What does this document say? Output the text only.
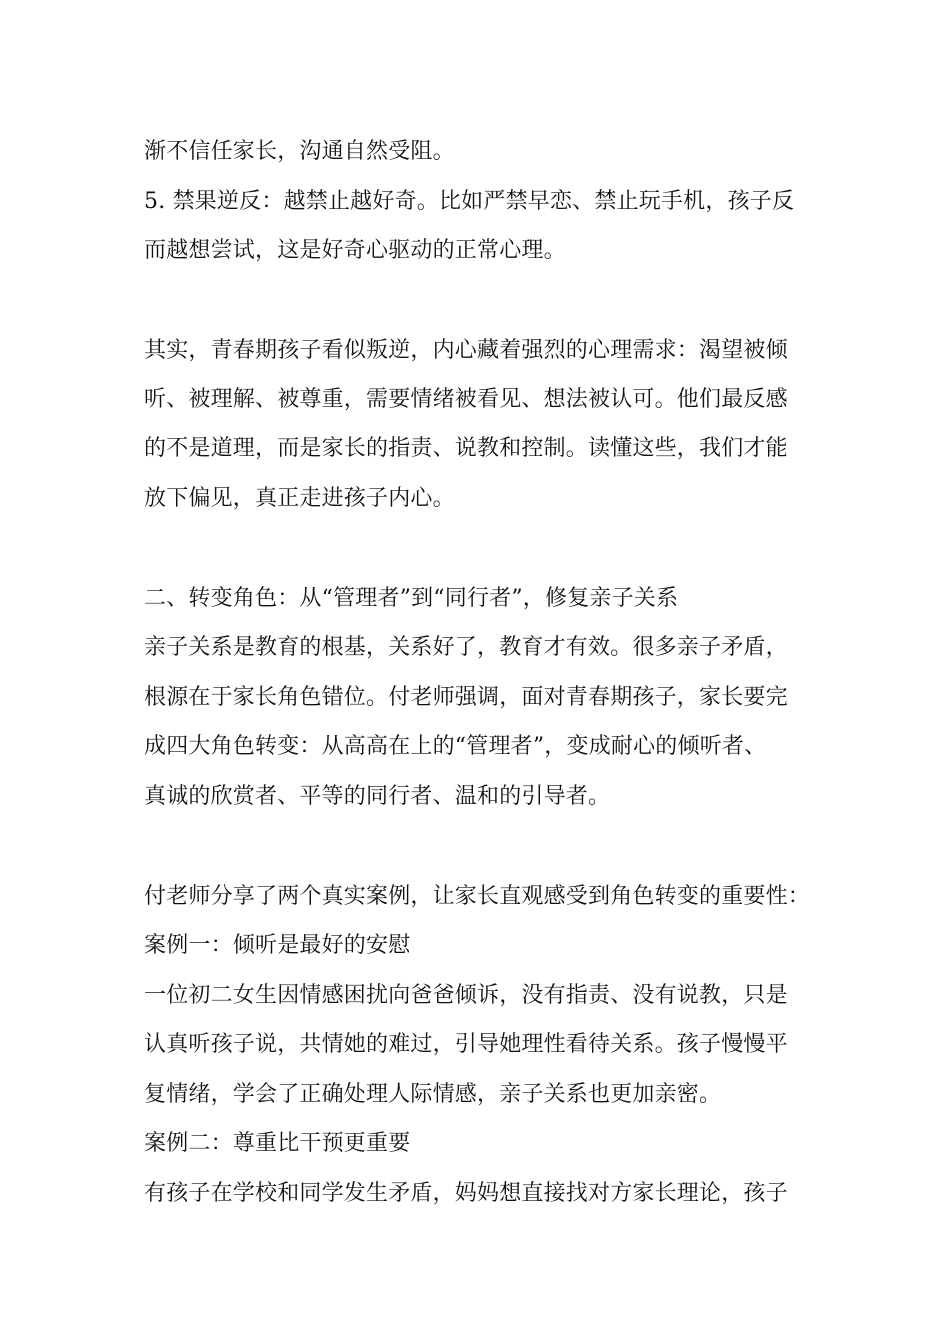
渐不信任家长，沟通自然受阻。
5. 禁果逆反：越禁止越好奇。比如严禁早恋、禁止玩手机，孩子反
而越想尝试，这是好奇心驱动的正常心理。
其实，青春期孩子看似叛逆，内心藏着强烈的心理需求：渴望被倾
听、被理解、被尊重，需要情绪被看见、想法被认可。他们最反感
的不是道理，而是家长的指责、说教和控制。读懂这些，我们才能
放下偏见，真正走进孩子内心。
二、转变角色：从“管理者”到“同行者”，修复亲子关系
亲子关系是教育的根基，关系好了，教育才有效。很多亲子矛盾，
根源在于家长角色错位。付老师强调，面对青春期孩子，家长要完
成四大角色转变：从高高在上的“管理者”，变成耐心的倾听者、
真诚的欣赏者、平等的同行者、温和的引导者。
付老师分享了两个真实案例，让家长直观感受到角色转变的重要性：
案例一：倾听是最好的安慰
一位初二女生因情感困扰向爸爸倾诉，没有指责、没有说教，只是
认真听孩子说，共情她的难过，引导她理性看待关系。孩子慢慢平
复情绪，学会了正确处理人际情感，亲子关系也更加亲密。
案例二：尊重比干预更重要
有孩子在学校和同学发生矛盾，妈妈想直接找对方家长理论，孩子
